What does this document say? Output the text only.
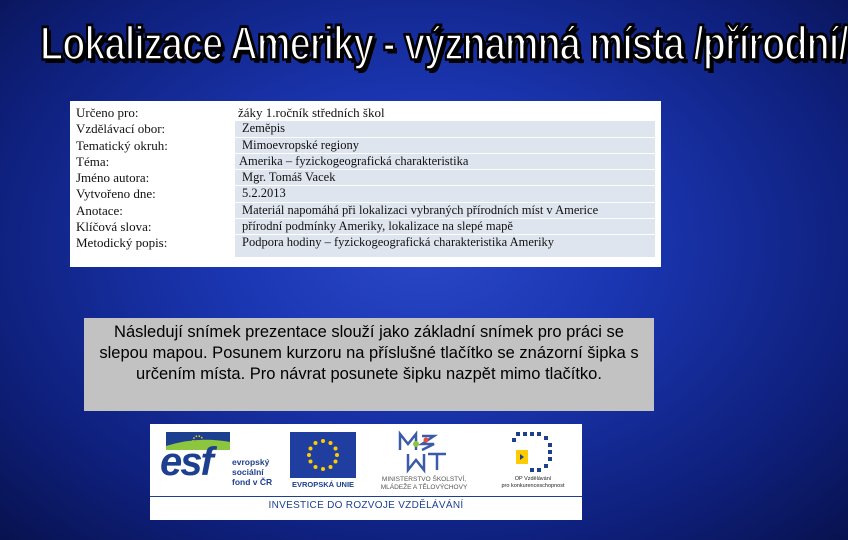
Lokalizace Ameriky - významná místa /přírodní/
Určeno pro:
Vzdělávací obor:
Tematický okruh:
Téma:
Jméno autora:
Vytvořeno dne:
Anotace:
Klíčová slova:
Metodický popis:
žáky 1.ročník středních škol
Zeměpis
Mimoevropské regiony
Amerika – fyzickogeografická charakteristika
Mgr. Tomáš Vacek
5.2.2013
Materiál napomáhá při lokalizaci vybraných přírodních míst v Americe
přírodní podmínky Ameriky, lokalizace na slepé mapě
Podpora hodiny – fyzickogeografická charakteristika Ameriky
Následují snímek prezentace slouží jako základní snímek pro práci se slepou mapou. Posunem kurzoru na příslušné tlačítko se znázorní šipka s určením místa. Pro návrat posunete šipku nazpět mimo tlačítko.
esf evropský
sociální
fond v ČR	EVROPSKÁ UNIE
MINISTERSTVO ŠKOLSTVÍ,
MLÁDEŽE A TĚLOVÝCHOVY
OP Vzdělávání
pro konkurenceschopnost
INVESTICE DO ROZVOJE VZDĚLÁVÁNÍ
